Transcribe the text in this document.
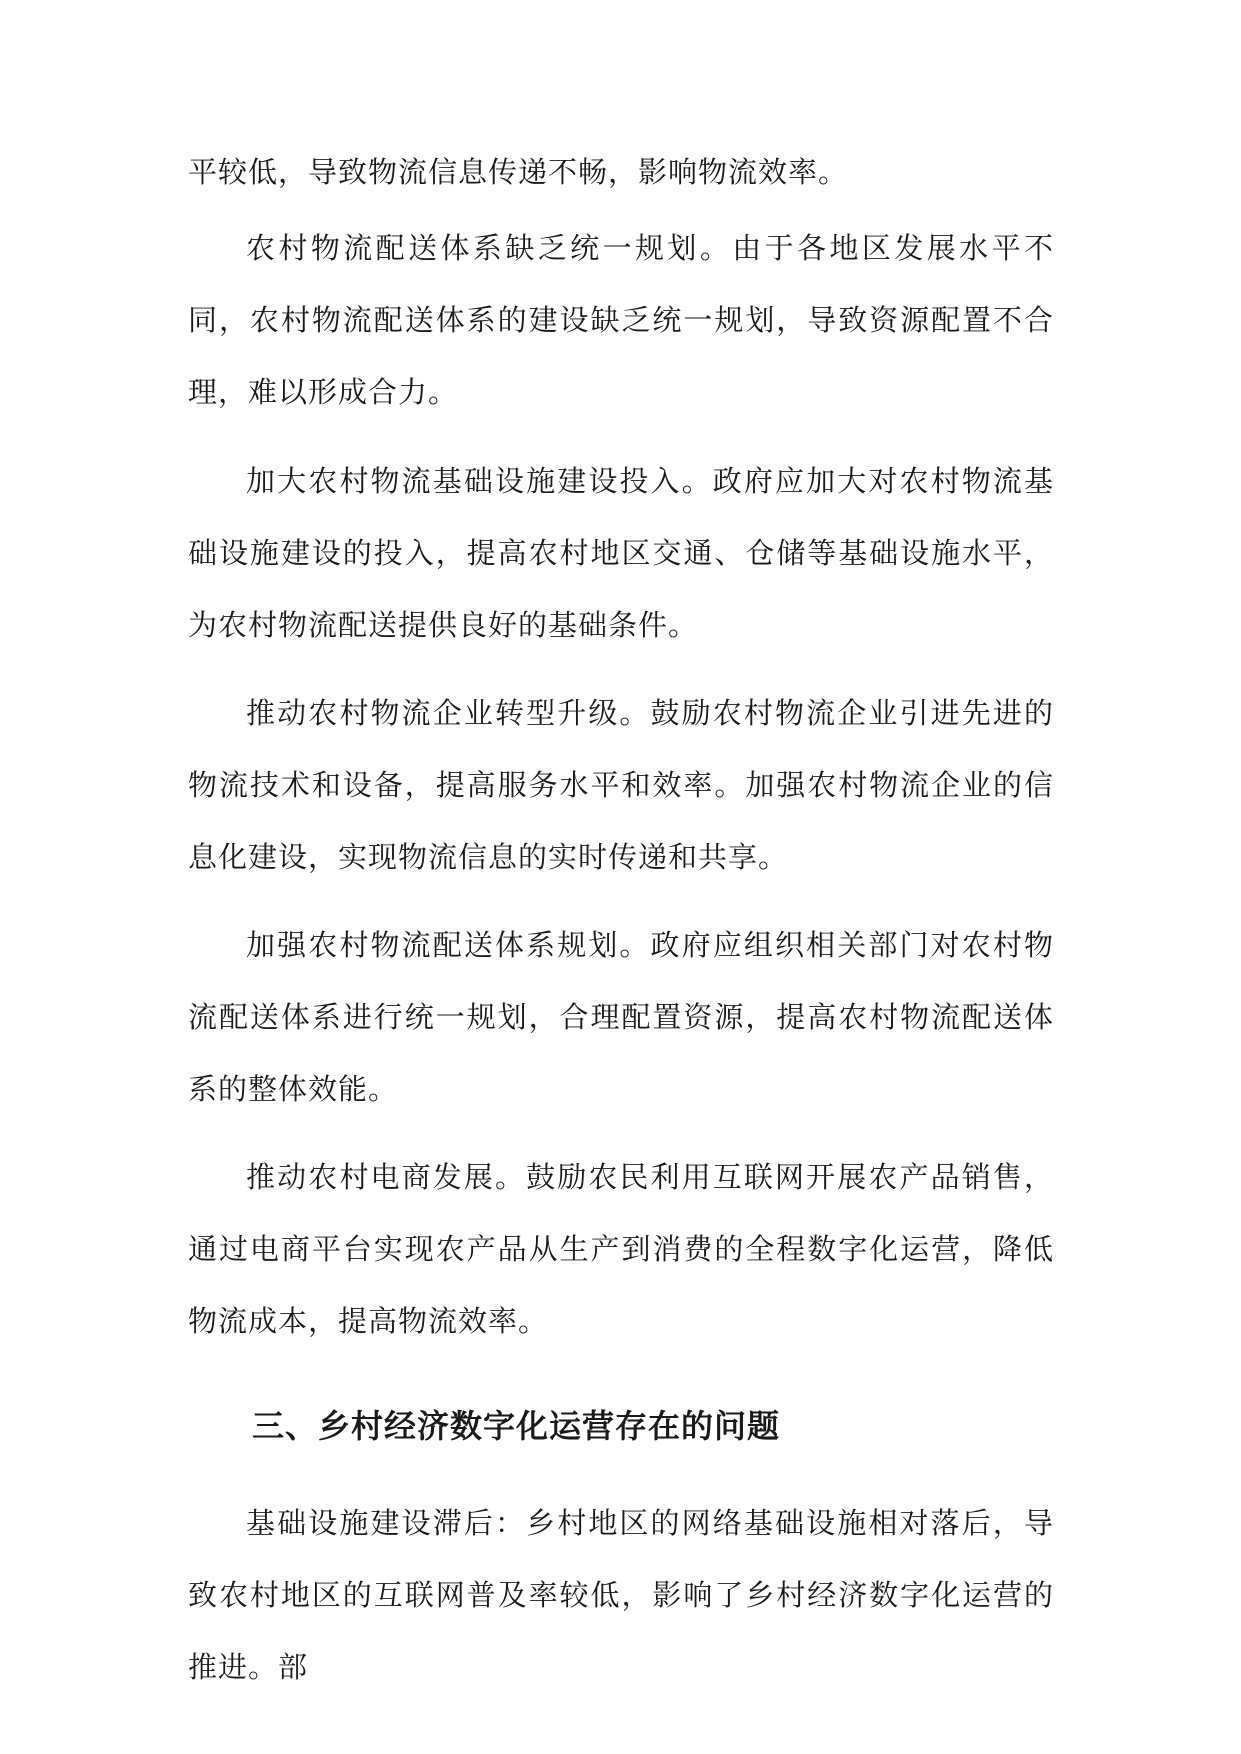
平较低，导致物流信息传递不畅，影响物流效率。

农村物流配送体系缺乏统一规划。由于各地区发展水平不同，农村物流配送体系的建设缺乏统一规划，导致资源配置不合理，难以形成合力。

加大农村物流基础设施建设投入。政府应加大对农村物流基础设施建设的投入，提高农村地区交通、仓储等基础设施水平，为农村物流配送提供良好的基础条件。

推动农村物流企业转型升级。鼓励农村物流企业引进先进的物流技术和设备，提高服务水平和效率。加强农村物流企业的信息化建设，实现物流信息的实时传递和共享。

加强农村物流配送体系规划。政府应组织相关部门对农村物流配送体系进行统一规划，合理配置资源，提高农村物流配送体系的整体效能。

推动农村电商发展。鼓励农民利用互联网开展农产品销售，通过电商平台实现农产品从生产到消费的全程数字化运营，降低物流成本，提高物流效率。

三、乡村经济数字化运营存在的问题

基础设施建设滞后：乡村地区的网络基础设施相对落后，导致农村地区的互联网普及率较低，影响了乡村经济数字化运营的推进。部
